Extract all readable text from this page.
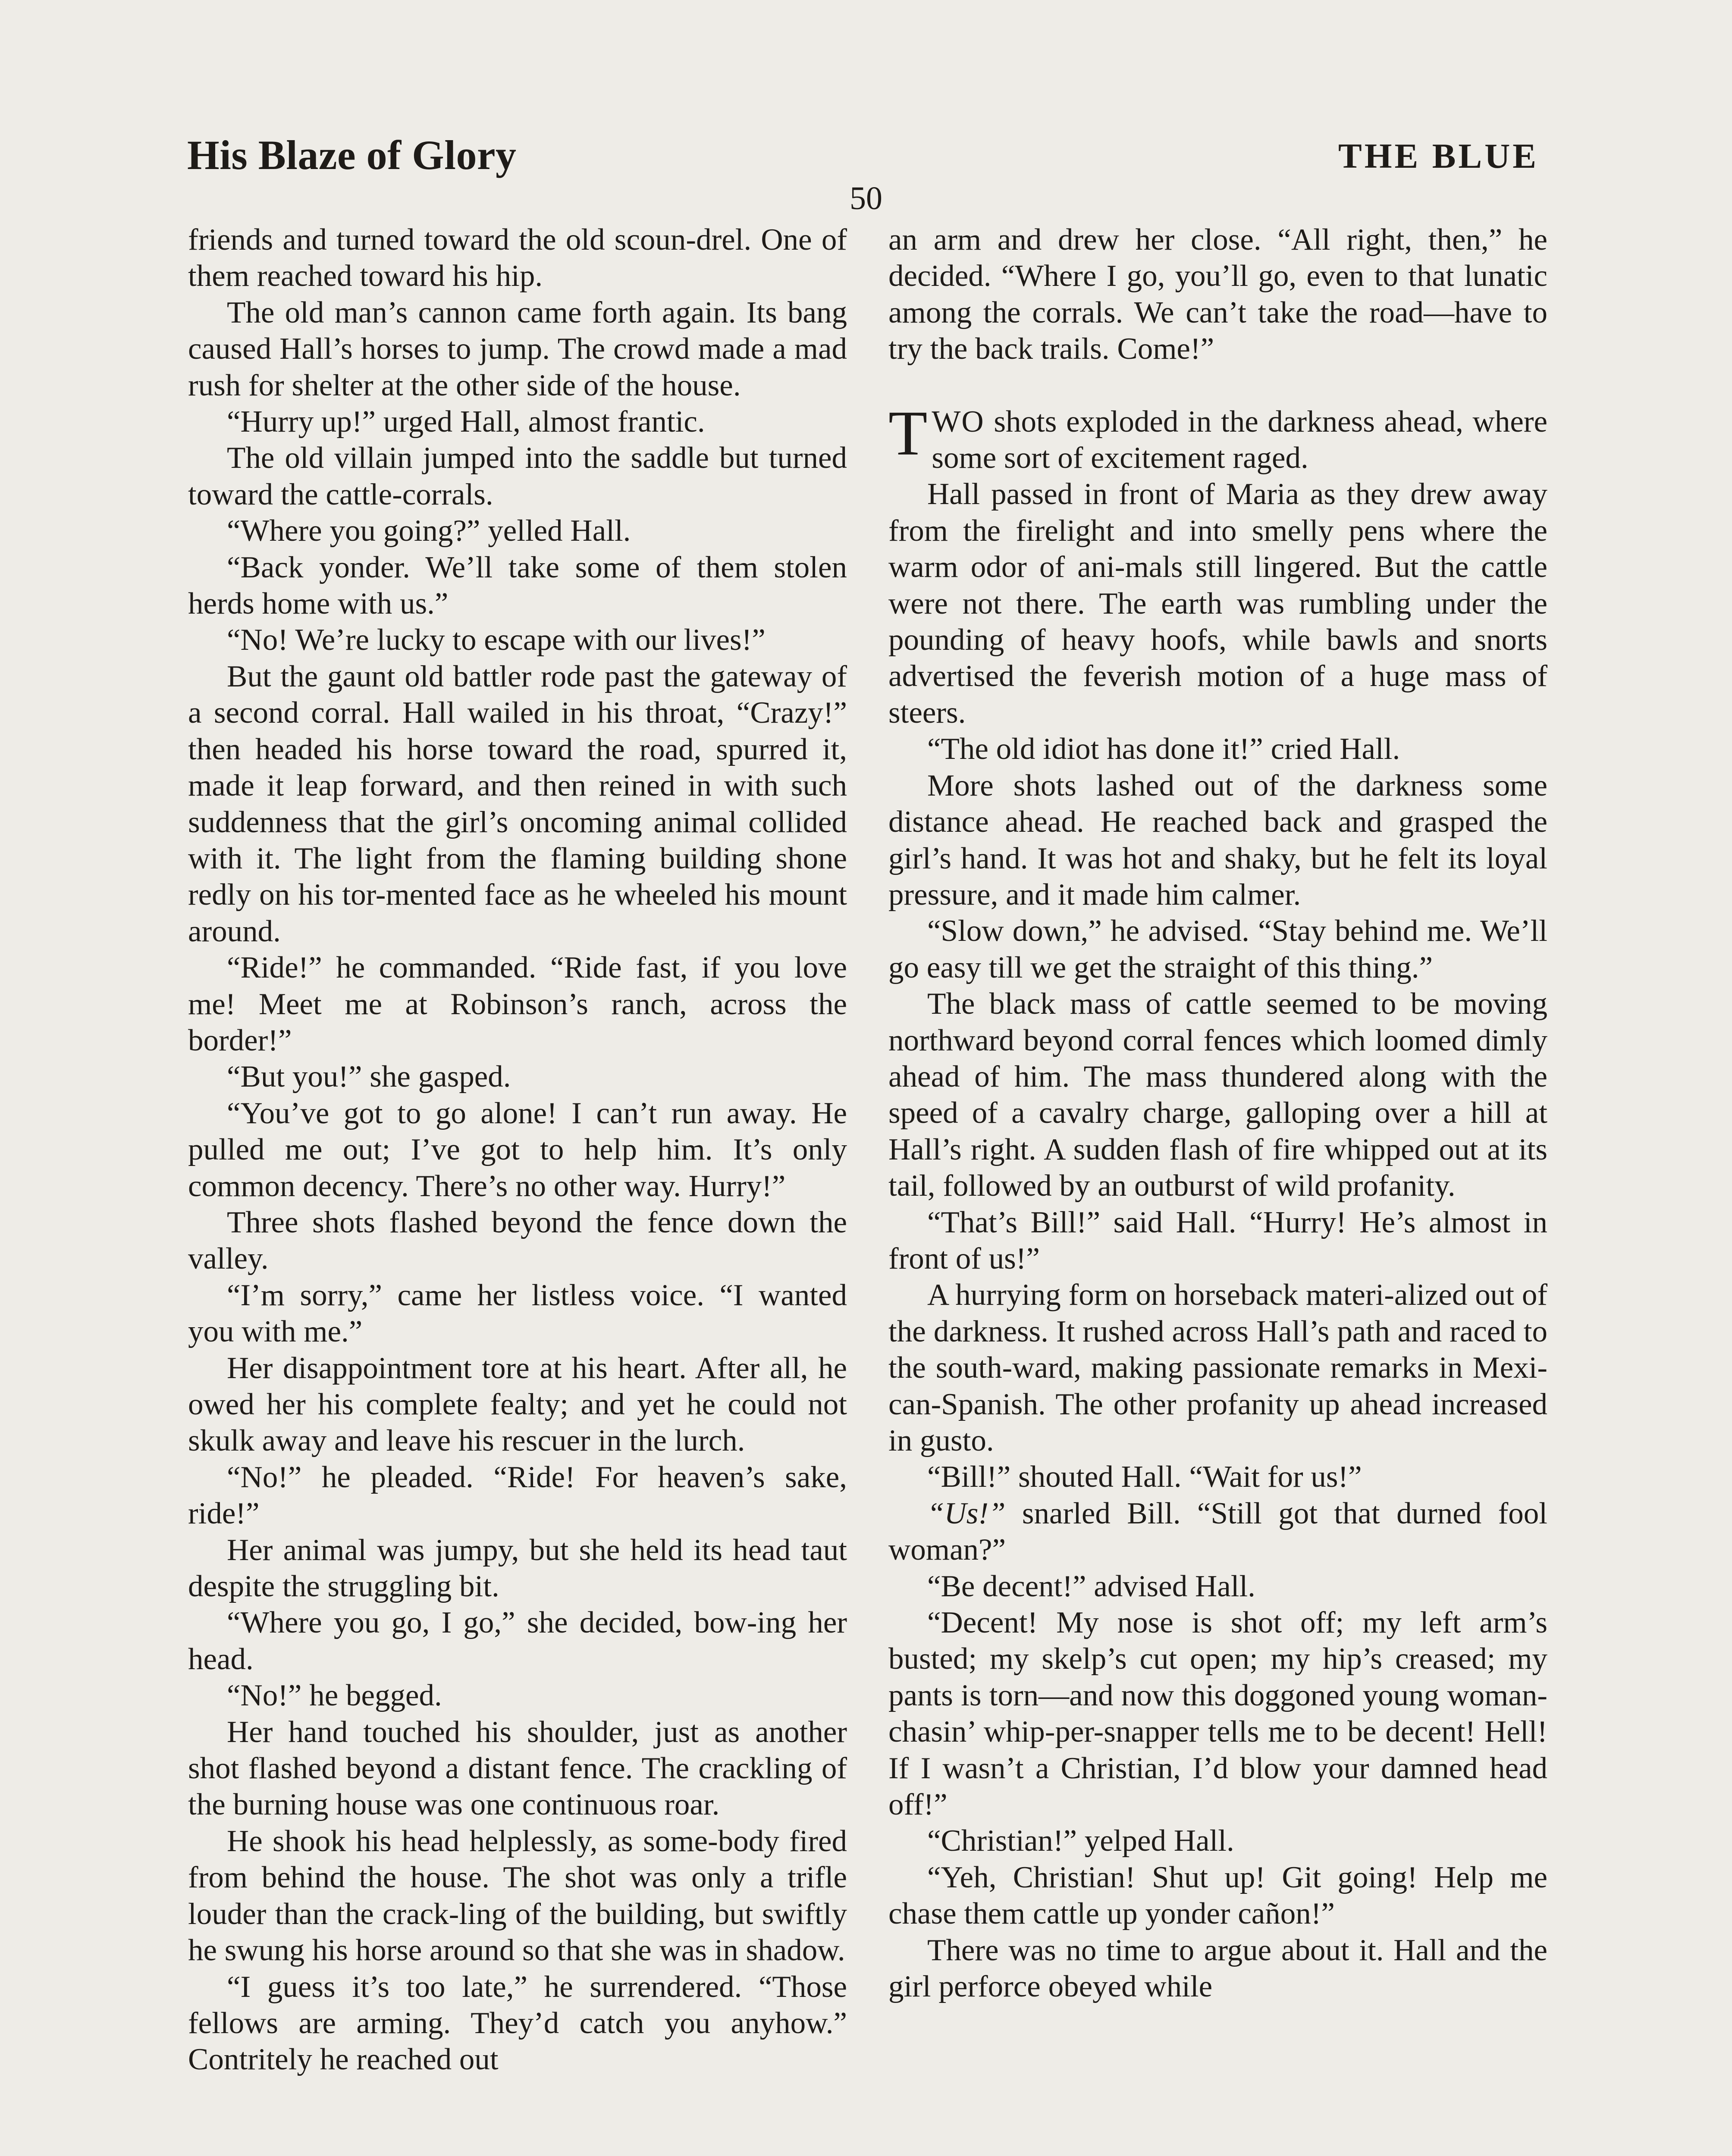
His Blaze of Glory	THE BLUE
50

friends and turned toward the old scoun-drel. One of them reached toward his hip.

The old man’s cannon came forth again. Its bang caused Hall’s horses to jump. The crowd made a mad rush for shelter at the other side of the house.

“Hurry up!” urged Hall, almost frantic.

The old villain jumped into the saddle but turned toward the cattle-corrals.

“Where you going?” yelled Hall.

“Back yonder. We’ll take some of them stolen herds home with us.”

“No! We’re lucky to escape with our lives!”

But the gaunt old battler rode past the gateway of a second corral. Hall wailed in his throat, “Crazy!” then headed his horse toward the road, spurred it, made it leap forward, and then reined in with such suddenness that the girl’s oncoming animal collided with it. The light from the flaming building shone redly on his tor-mented face as he wheeled his mount around.

“Ride!” he commanded. “Ride fast, if you love me! Meet me at Robinson’s ranch, across the border!”

“But you!” she gasped.

“You’ve got to go alone! I can’t run away. He pulled me out; I’ve got to help him. It’s only common decency. There’s no other way. Hurry!”

Three shots flashed beyond the fence down the valley.

“I’m sorry,” came her listless voice. “I wanted you with me.”

Her disappointment tore at his heart. After all, he owed her his complete fealty; and yet he could not skulk away and leave his rescuer in the lurch.

“No!” he pleaded. “Ride! For heaven’s sake, ride!”

Her animal was jumpy, but she held its head taut despite the struggling bit.

“Where you go, I go,” she decided, bow-ing her head.

“No!” he begged.

Her hand touched his shoulder, just as another shot flashed beyond a distant fence. The crackling of the burning house was one continuous roar.

He shook his head helplessly, as some-body fired from behind the house. The shot was only a trifle louder than the crack-ling of the building, but swiftly he swung his horse around so that she was in shadow.

“I guess it’s too late,” he surrendered. “Those fellows are arming. They’d catch you anyhow.” Contritely he reached out

an arm and drew her close. “All right, then,” he decided. “Where I go, you’ll go, even to that lunatic among the corrals. We can’t take the road—have to try the back trails. Come!”

TWO shots exploded in the darkness ahead, where some sort of excitement raged.

Hall passed in front of Maria as they drew away from the firelight and into smelly pens where the warm odor of ani-mals still lingered. But the cattle were not there. The earth was rumbling under the pounding of heavy hoofs, while bawls and snorts advertised the feverish motion of a huge mass of steers.

“The old idiot has done it!” cried Hall.

More shots lashed out of the darkness some distance ahead. He reached back and grasped the girl’s hand. It was hot and shaky, but he felt its loyal pressure, and it made him calmer.

“Slow down,” he advised. “Stay behind me. We’ll go easy till we get the straight of this thing.”

The black mass of cattle seemed to be moving northward beyond corral fences which loomed dimly ahead of him. The mass thundered along with the speed of a cavalry charge, galloping over a hill at Hall’s right. A sudden flash of fire whipped out at its tail, followed by an outburst of wild profanity.

“That’s Bill!” said Hall. “Hurry! He’s almost in front of us!”

A hurrying form on horseback materi-alized out of the darkness. It rushed across Hall’s path and raced to the south-ward, making passionate remarks in Mexi-can-Spanish. The other profanity up ahead increased in gusto.

“Bill!” shouted Hall. “Wait for us!”

“Us!” snarled Bill. “Still got that durned fool woman?”

“Be decent!” advised Hall.

“Decent! My nose is shot off; my left arm’s busted; my skelp’s cut open; my hip’s creased; my pants is torn—and now this doggoned young woman-chasin’ whip-per-snapper tells me to be decent! Hell! If I wasn’t a Christian, I’d blow your damned head off!”

“Christian!” yelped Hall.

“Yeh, Christian! Shut up! Git going! Help me chase them cattle up yonder cañon!”

There was no time to argue about it. Hall and the girl perforce obeyed while
